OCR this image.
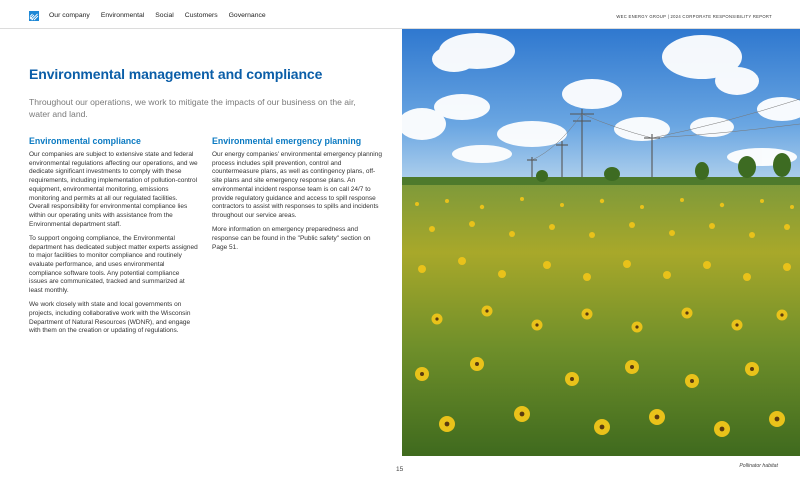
Our company Environmental Social Customers Governance	WEC ENERGY GROUP | 2024 CORPORATE RESPONSIBILITY REPORT
Environmental management and compliance

Throughout our operations, we work to mitigate the impacts of our business on the air, water and land.

Environmental compliance

Our companies are subject to extensive state and federal environmental regulations affecting our operations, and we dedicate significant investments to comply with these requirements, including implementation of pollution-control equipment, environmental monitoring, emissions monitoring and permits at all our regulated facilities. Overall responsibility for environmental compliance lies within our operating units with assistance from the Environmental department staff.

To support ongoing compliance, the Environmental department has dedicated subject matter experts assigned to major facilities to monitor compliance and routinely evaluate performance, and uses environmental compliance software tools. Any potential compliance issues are communicated, tracked and summarized at least monthly.

We work closely with state and local governments on projects, including collaborative work with the Wisconsin Department of Natural Resources (WDNR), and engage with them on the creation or updating of regulations.

Environmental emergency planning

Our energy companies' environmental emergency planning process includes spill prevention, control and countermeasure plans, as well as contingency plans, off-site plans and site emergency response plans. An environmental incident response team is on call 24/7 to provide regulatory guidance and access to spill response contractors to assist with responses to spills and incidents throughout our service areas.

More information on emergency preparedness and response can be found in the "Public safety" section on Page 51.

15	Pollinator habitat
